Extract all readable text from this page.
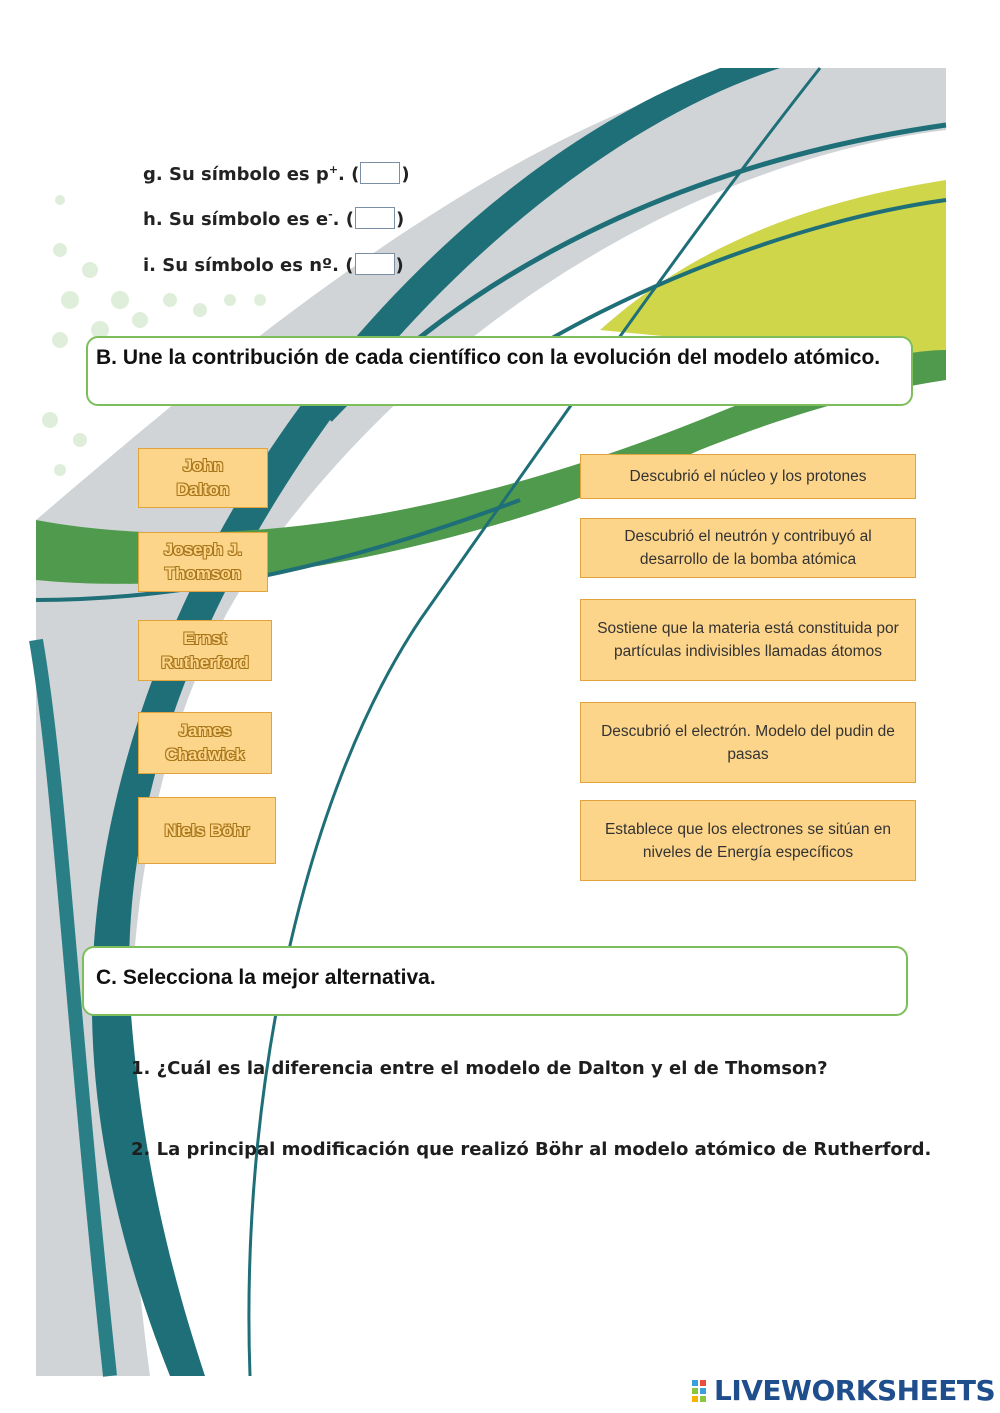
g. Su símbolo es p+. ( )
h. Su símbolo es e-. ( )
i. Su símbolo es nº. ( )
B. Une la contribución de cada científico con la evolución del modelo atómico.
John Dalton
Joseph J. Thomson
Ernst Rutherford
James Chadwick
Niels Böhr
Descubrió el núcleo y los protones
Descubrió el neutrón y contribuyó al desarrollo de la bomba atómica
Sostiene que la materia está constituida por partículas indivisibles llamadas átomos
Descubrió el electrón. Modelo del pudin de pasas
Establece que los electrones se sitúan en niveles de Energía específicos
C. Selecciona la mejor alternativa.
1. ¿Cuál es la diferencia entre el modelo de Dalton y el de Thomson?
2. La principal modificación que realizó Böhr al modelo atómico de Rutherford.
LIVEWORKSHEETS
